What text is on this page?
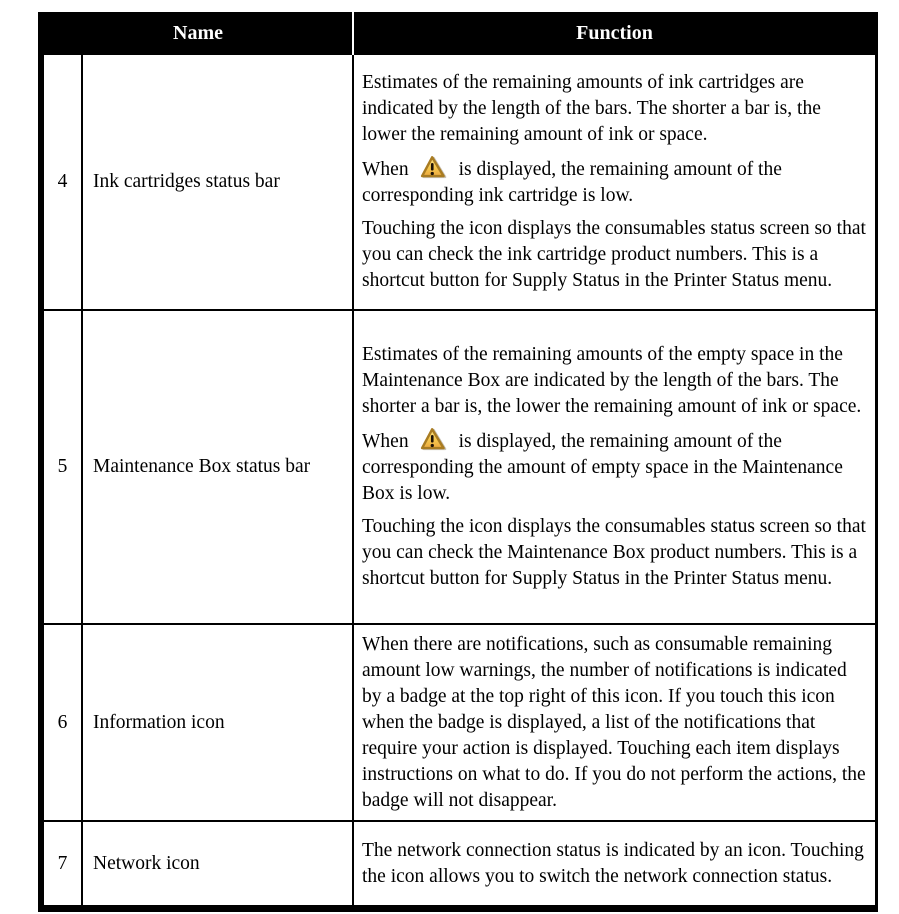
Name		Function
4	Ink cartridges status bar	Estimates of the remaining amounts of ink cartridges are indicated by the length of the bars. The shorter a bar is, the lower the remaining amount of ink or space.

When is displayed, the remaining amount of the corresponding ink cartridge is low.

Touching the icon displays the consumables status screen so that you can check the ink cartridge product numbers. This is a shortcut button for Supply Status in the Printer Status menu.

5	Maintenance Box status bar	Estimates of the remaining amounts of the empty space in the Maintenance Box are indicated by the length of the bars. The shorter a bar is, the lower the remaining amount of ink or space.

When is displayed, the remaining amount of the corresponding the amount of empty space in the Maintenance Box is low.

Touching the icon displays the consumables status screen so that you can check the Maintenance Box product numbers. This is a shortcut button for Supply Status in the Printer Status menu.

6	Information icon	When there are notifications, such as consumable remaining amount low warnings, the number of notifications is indicated by a badge at the top right of this icon. If you touch this icon when the badge is displayed, a list of the notifications that require your action is displayed. Touching each item displays instructions on what to do. If you do not perform the actions, the badge will not disappear.

7	Network icon	The network connection status is indicated by an icon. Touching the icon allows you to switch the network connection status.
